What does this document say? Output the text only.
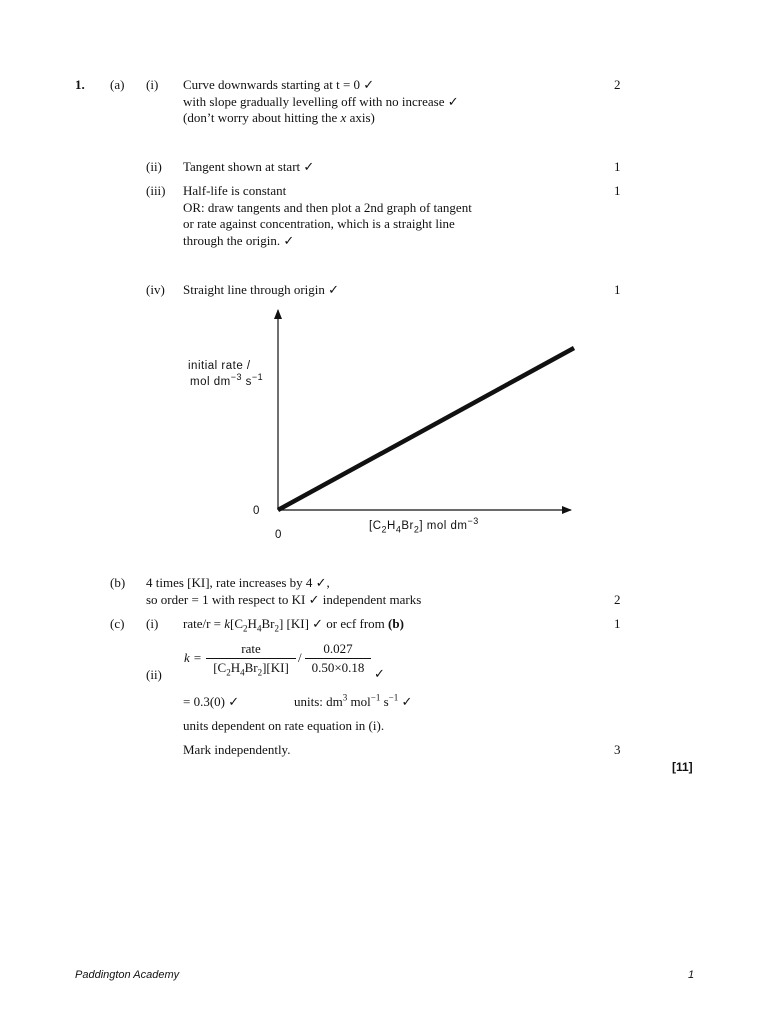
1. (a) (i) Curve downwards starting at t = 0 ✓
with slope gradually levelling off with no increase ✓
(don’t worry about hitting the x axis)
2
(ii) Tangent shown at start ✓	1
(iii) Half-life is constant
OR: draw tangents and then plot a 2nd graph of tangent
or rate against concentration, which is a straight line
through the origin. ✓
1
(iv) Straight line through origin ✓	1
initial rate /
mol $dm^{-3}$ $s^{-1}$
0
0
$[C_2H_4Br_2]$ mol $dm^{-3}$
(b) 4 times [KI], rate increases by 4 ✓,
so order = 1 with respect to KI ✓ independent marks	2
(c) (i) rate/r = $k[C_2H_4Br_2]$ [KI] ✓ or ecf from (b)	1
(ii)
k =
rate
$[C_2H_4Br_2][KI]$
/
0.027
0.50×0.18 ✓
= 0.3(0) ✓	units: $dm^3$ mol$^{-1}$ $s^{-1}$ ✓
units dependent on rate equation in (i).
Mark independently.	3
[11]
Paddington Academy	1
